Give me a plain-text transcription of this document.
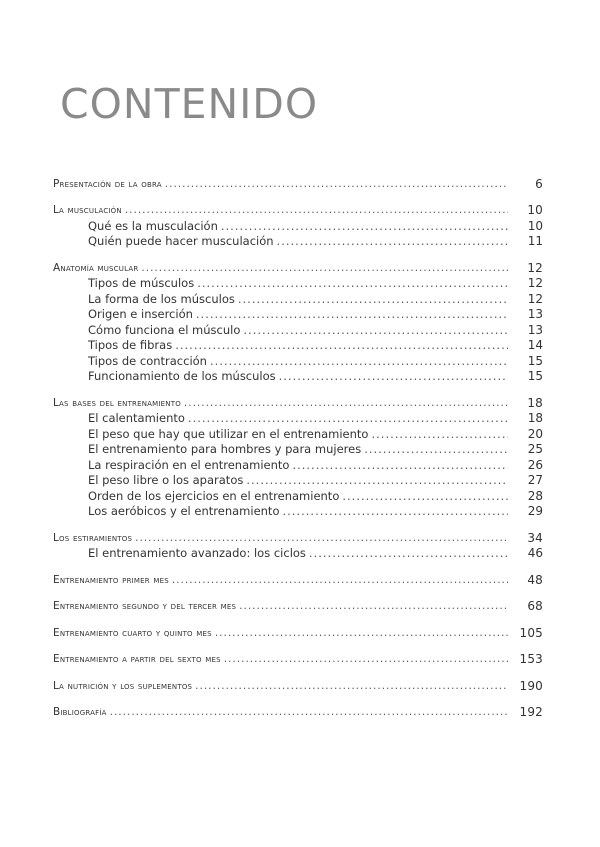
CONTENIDO
Presentación de la obra .....	6
La musculación .....	10
Qué es la musculación .....	10
Quién puede hacer musculación .....	11
Anatomía muscular .....	12
Tipos de músculos .....	12
La forma de los músculos .....	12
Origen e inserción .....	13
Cómo funciona el músculo .....	13
Tipos de fibras .....	14
Tipos de contracción .....	15
Funcionamiento de los músculos .....	15
Las bases del entrenamiento .....	18
El calentamiento .....	18
El peso que hay que utilizar en el entrenamiento .....	20
El entrenamiento para hombres y para mujeres .....	25
La respiración en el entrenamiento .....	26
El peso libre o los aparatos .....	27
Orden de los ejercicios en el entrenamiento .....	28
Los aeróbicos y el entrenamiento .....	29
Los estiramientos .....	34
El entrenamiento avanzado: los ciclos .....	46
Entrenamiento primer mes .....	48
Entrenamiento segundo y del tercer mes .....	68
Entrenamiento cuarto y quinto mes .....	105
Entrenamiento a partir del sexto mes .....	153
La nutrición y los suplementos .....	190
Bibliografía .....	192
